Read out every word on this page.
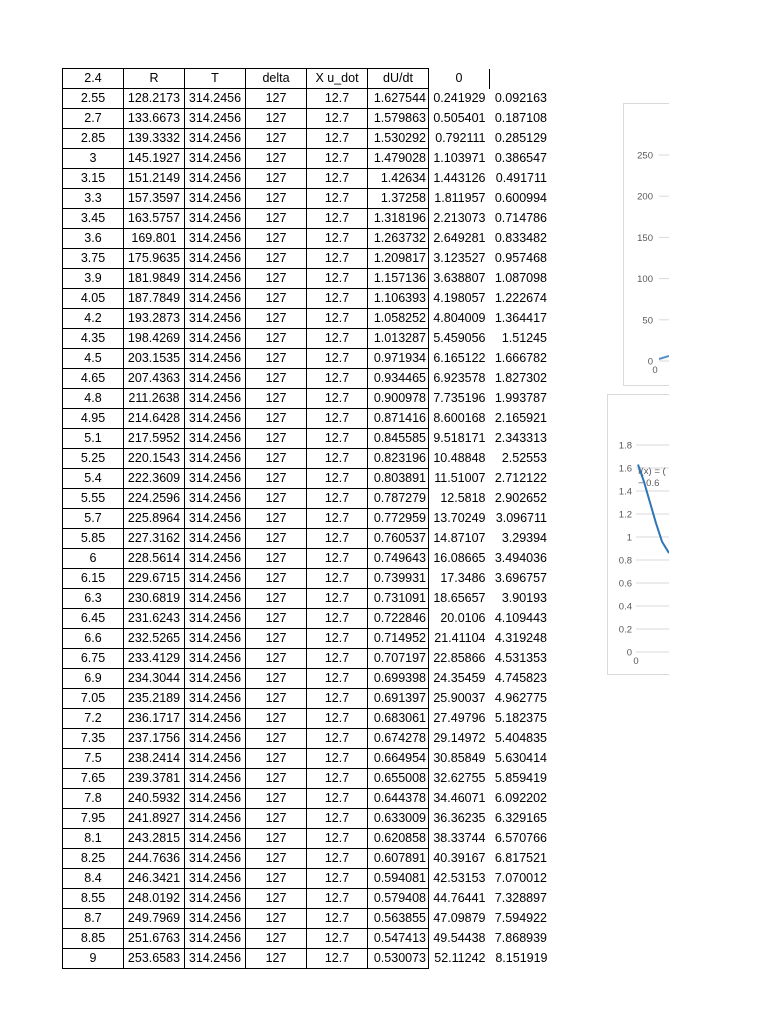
2.4	R	T	delta	X u_dot	dU/dt	0	
2.55	128.2173	314.2456	127	12.7	1.627544	0.241929	0.092163
2.7	133.6673	314.2456	127	12.7	1.579863	0.505401	0.187108
2.85	139.3332	314.2456	127	12.7	1.530292	0.792111	0.285129
3	145.1927	314.2456	127	12.7	1.479028	1.103971	0.386547
3.15	151.2149	314.2456	127	12.7	1.42634	1.443126	0.491711
3.3	157.3597	314.2456	127	12.7	1.37258	1.811957	0.600994
3.45	163.5757	314.2456	127	12.7	1.318196	2.213073	0.714786
3.6	169.801	314.2456	127	12.7	1.263732	2.649281	0.833482
3.75	175.9635	314.2456	127	12.7	1.209817	3.123527	0.957468
3.9	181.9849	314.2456	127	12.7	1.157136	3.638807	1.087098
4.05	187.7849	314.2456	127	12.7	1.106393	4.198057	1.222674
4.2	193.2873	314.2456	127	12.7	1.058252	4.804009	1.364417
4.35	198.4269	314.2456	127	12.7	1.013287	5.459056	1.51245
4.5	203.1535	314.2456	127	12.7	0.971934	6.165122	1.666782
4.65	207.4363	314.2456	127	12.7	0.934465	6.923578	1.827302
4.8	211.2638	314.2456	127	12.7	0.900978	7.735196	1.993787
4.95	214.6428	314.2456	127	12.7	0.871416	8.600168	2.165921
5.1	217.5952	314.2456	127	12.7	0.845585	9.518171	2.343313
5.25	220.1543	314.2456	127	12.7	0.823196	10.48848	2.52553
5.4	222.3609	314.2456	127	12.7	0.803891	11.51007	2.712122
5.55	224.2596	314.2456	127	12.7	0.787279	12.5818	2.902652
5.7	225.8964	314.2456	127	12.7	0.772959	13.70249	3.096711
5.85	227.3162	314.2456	127	12.7	0.760537	14.87107	3.29394
6	228.5614	314.2456	127	12.7	0.749643	16.08665	3.494036
6.15	229.6715	314.2456	127	12.7	0.739931	17.3486	3.696757
6.3	230.6819	314.2456	127	12.7	0.731091	18.65657	3.90193
6.45	231.6243	314.2456	127	12.7	0.722846	20.0106	4.109443
6.6	232.5265	314.2456	127	12.7	0.714952	21.41104	4.319248
6.75	233.4129	314.2456	127	12.7	0.707197	22.85866	4.531353
6.9	234.3044	314.2456	127	12.7	0.699398	24.35459	4.745823
7.05	235.2189	314.2456	127	12.7	0.691397	25.90037	4.962775
7.2	236.1717	314.2456	127	12.7	0.683061	27.49796	5.182375
7.35	237.1756	314.2456	127	12.7	0.674278	29.14972	5.404835
7.5	238.2414	314.2456	127	12.7	0.664954	30.85849	5.630414
7.65	239.3781	314.2456	127	12.7	0.655008	32.62755	5.859419
7.8	240.5932	314.2456	127	12.7	0.644378	34.46071	6.092202
7.95	241.8927	314.2456	127	12.7	0.633009	36.36235	6.329165
8.1	243.2815	314.2456	127	12.7	0.620858	38.33744	6.570766
8.25	244.7636	314.2456	127	12.7	0.607891	40.39167	6.817521
8.4	246.3421	314.2456	127	12.7	0.594081	42.53153	7.070012
8.55	248.0192	314.2456	127	12.7	0.579408	44.76441	7.328897
8.7	249.7969	314.2456	127	12.7	0.563855	47.09879	7.594922
8.85	251.6763	314.2456	127	12.7	0.547413	49.54438	7.868939
9	253.6583	314.2456	127	12.7	0.530073	52.11242	8.151919
250
200
150
100
50
0
0
1.8
1.6
1.4
1.2
1
0.8
0.6
0.4
0.2
0
0
f(x) = (
− 0.6
